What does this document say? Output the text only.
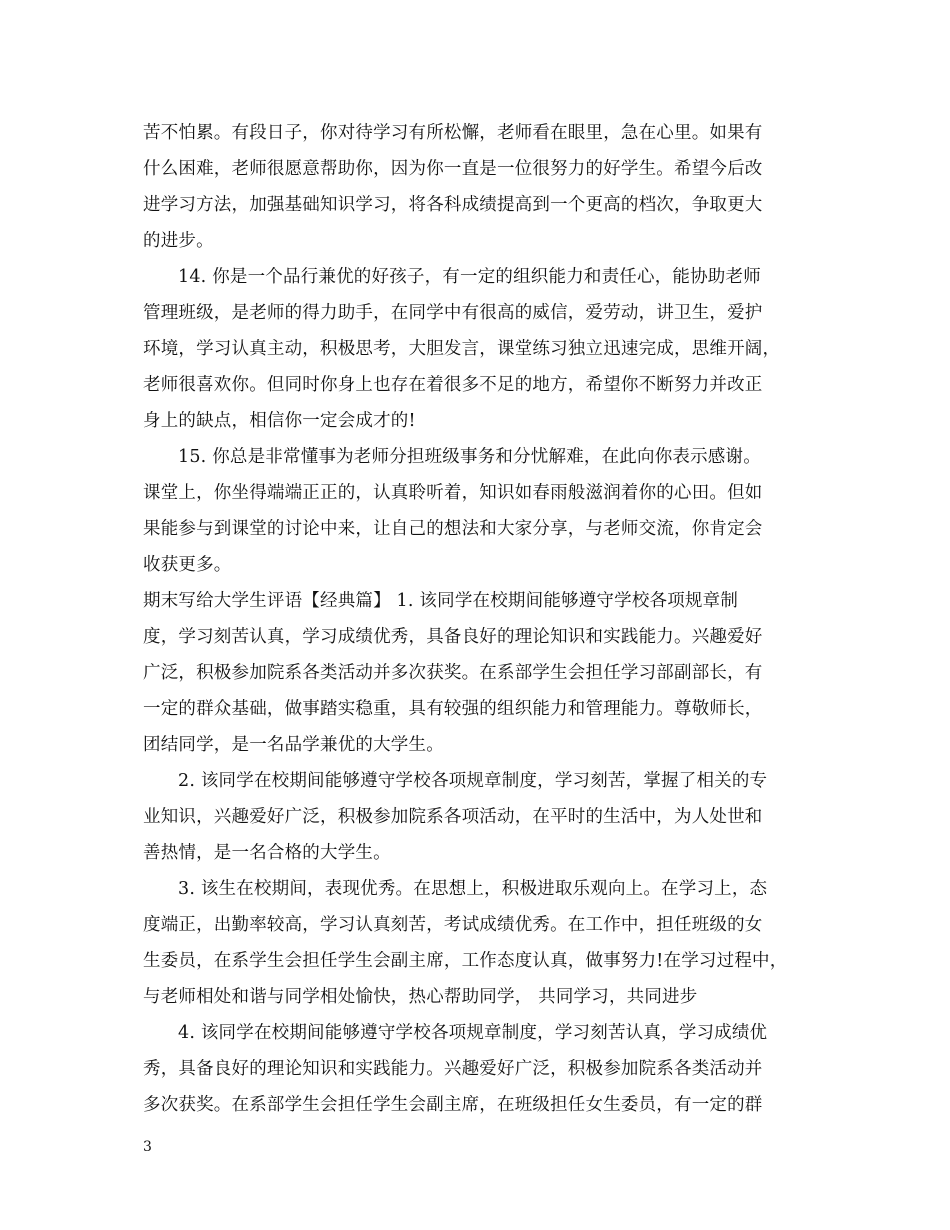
苦不怕累。有段日子，你对待学习有所松懈，老师看在眼里，急在心里。如果有
什么困难，老师很愿意帮助你，因为你一直是一位很努力的好学生。希望今后改
进学习方法，加强基础知识学习，将各科成绩提高到一个更高的档次，争取更大
的进步。
14. 你是一个品行兼优的好孩子，有一定的组织能力和责任心，能协助老师
管理班级，是老师的得力助手，在同学中有很高的威信，爱劳动，讲卫生，爱护
环境，学习认真主动，积极思考，大胆发言，课堂练习独立迅速完成，思维开阔，
老师很喜欢你。但同时你身上也存在着很多不足的地方，希望你不断努力并改正
身上的缺点，相信你一定会成才的!
15. 你总是非常懂事为老师分担班级事务和分忧解难，在此向你表示感谢。
课堂上，你坐得端端正正的，认真聆听着，知识如春雨般滋润着你的心田。但如
果能参与到课堂的讨论中来，让自己的想法和大家分享，与老师交流，你肯定会
收获更多。
期末写给大学生评语【经典篇】 1. 该同学在校期间能够遵守学校各项规章制
度，学习刻苦认真，学习成绩优秀，具备良好的理论知识和实践能力。兴趣爱好
广泛，积极参加院系各类活动并多次获奖。在系部学生会担任学习部副部长，有
一定的群众基础，做事踏实稳重，具有较强的组织能力和管理能力。尊敬师长，
团结同学，是一名品学兼优的大学生。
2. 该同学在校期间能够遵守学校各项规章制度，学习刻苦，掌握了相关的专
业知识，兴趣爱好广泛，积极参加院系各项活动，在平时的生活中，为人处世和
善热情，是一名合格的大学生。
3. 该生在校期间，表现优秀。在思想上，积极进取乐观向上。在学习上，态
度端正，出勤率较高，学习认真刻苦，考试成绩优秀。在工作中，担任班级的女
生委员，在系学生会担任学生会副主席，工作态度认真，做事努力!在学习过程中，
与老师相处和谐与同学相处愉快，热心帮助同学， 共同学习，共同进步
4. 该同学在校期间能够遵守学校各项规章制度，学习刻苦认真，学习成绩优
秀，具备良好的理论知识和实践能力。兴趣爱好广泛，积极参加院系各类活动并
多次获奖。在系部学生会担任学生会副主席，在班级担任女生委员，有一定的群
3
